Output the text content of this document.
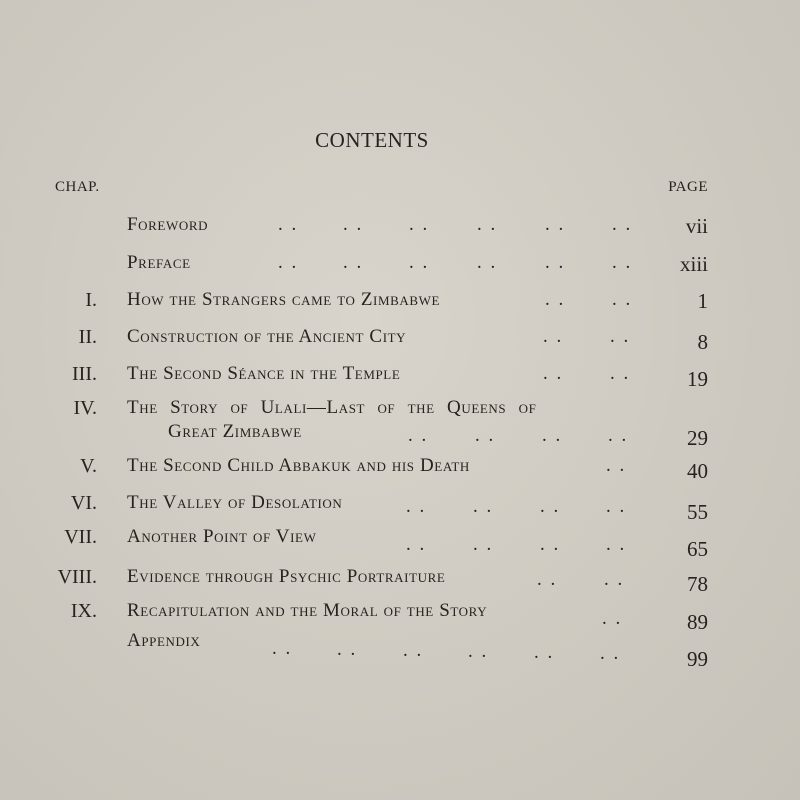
CONTENTS
CHAP.	PAGE
Foreword	. . . . . .	. .	. . . .	vii
Preface	. . . . . .	. .	. . . . xiii
I. How the Strangers came to Zimbabwe	. . . .	1
II. Construction of the Ancient City	. . . .	8
III. The Second Séance in the Temple	. . . .	19
IV. The Story of Ulali—Last of the Queens of
Great Zimbabwe	. . . . . . . .	29
V. The Second Child Abbakuk and his Death	. .	40
VI. The Valley of Desolation	. . . . . . . .	55
VII. Another Point of View	. . . . . . . .	65
VIII. Evidence through Psychic Portraiture	. . . .	78
IX. Recapitulation and the Moral of the Story	. .	89
Appendix	. . . . . . . . . . . .	99
